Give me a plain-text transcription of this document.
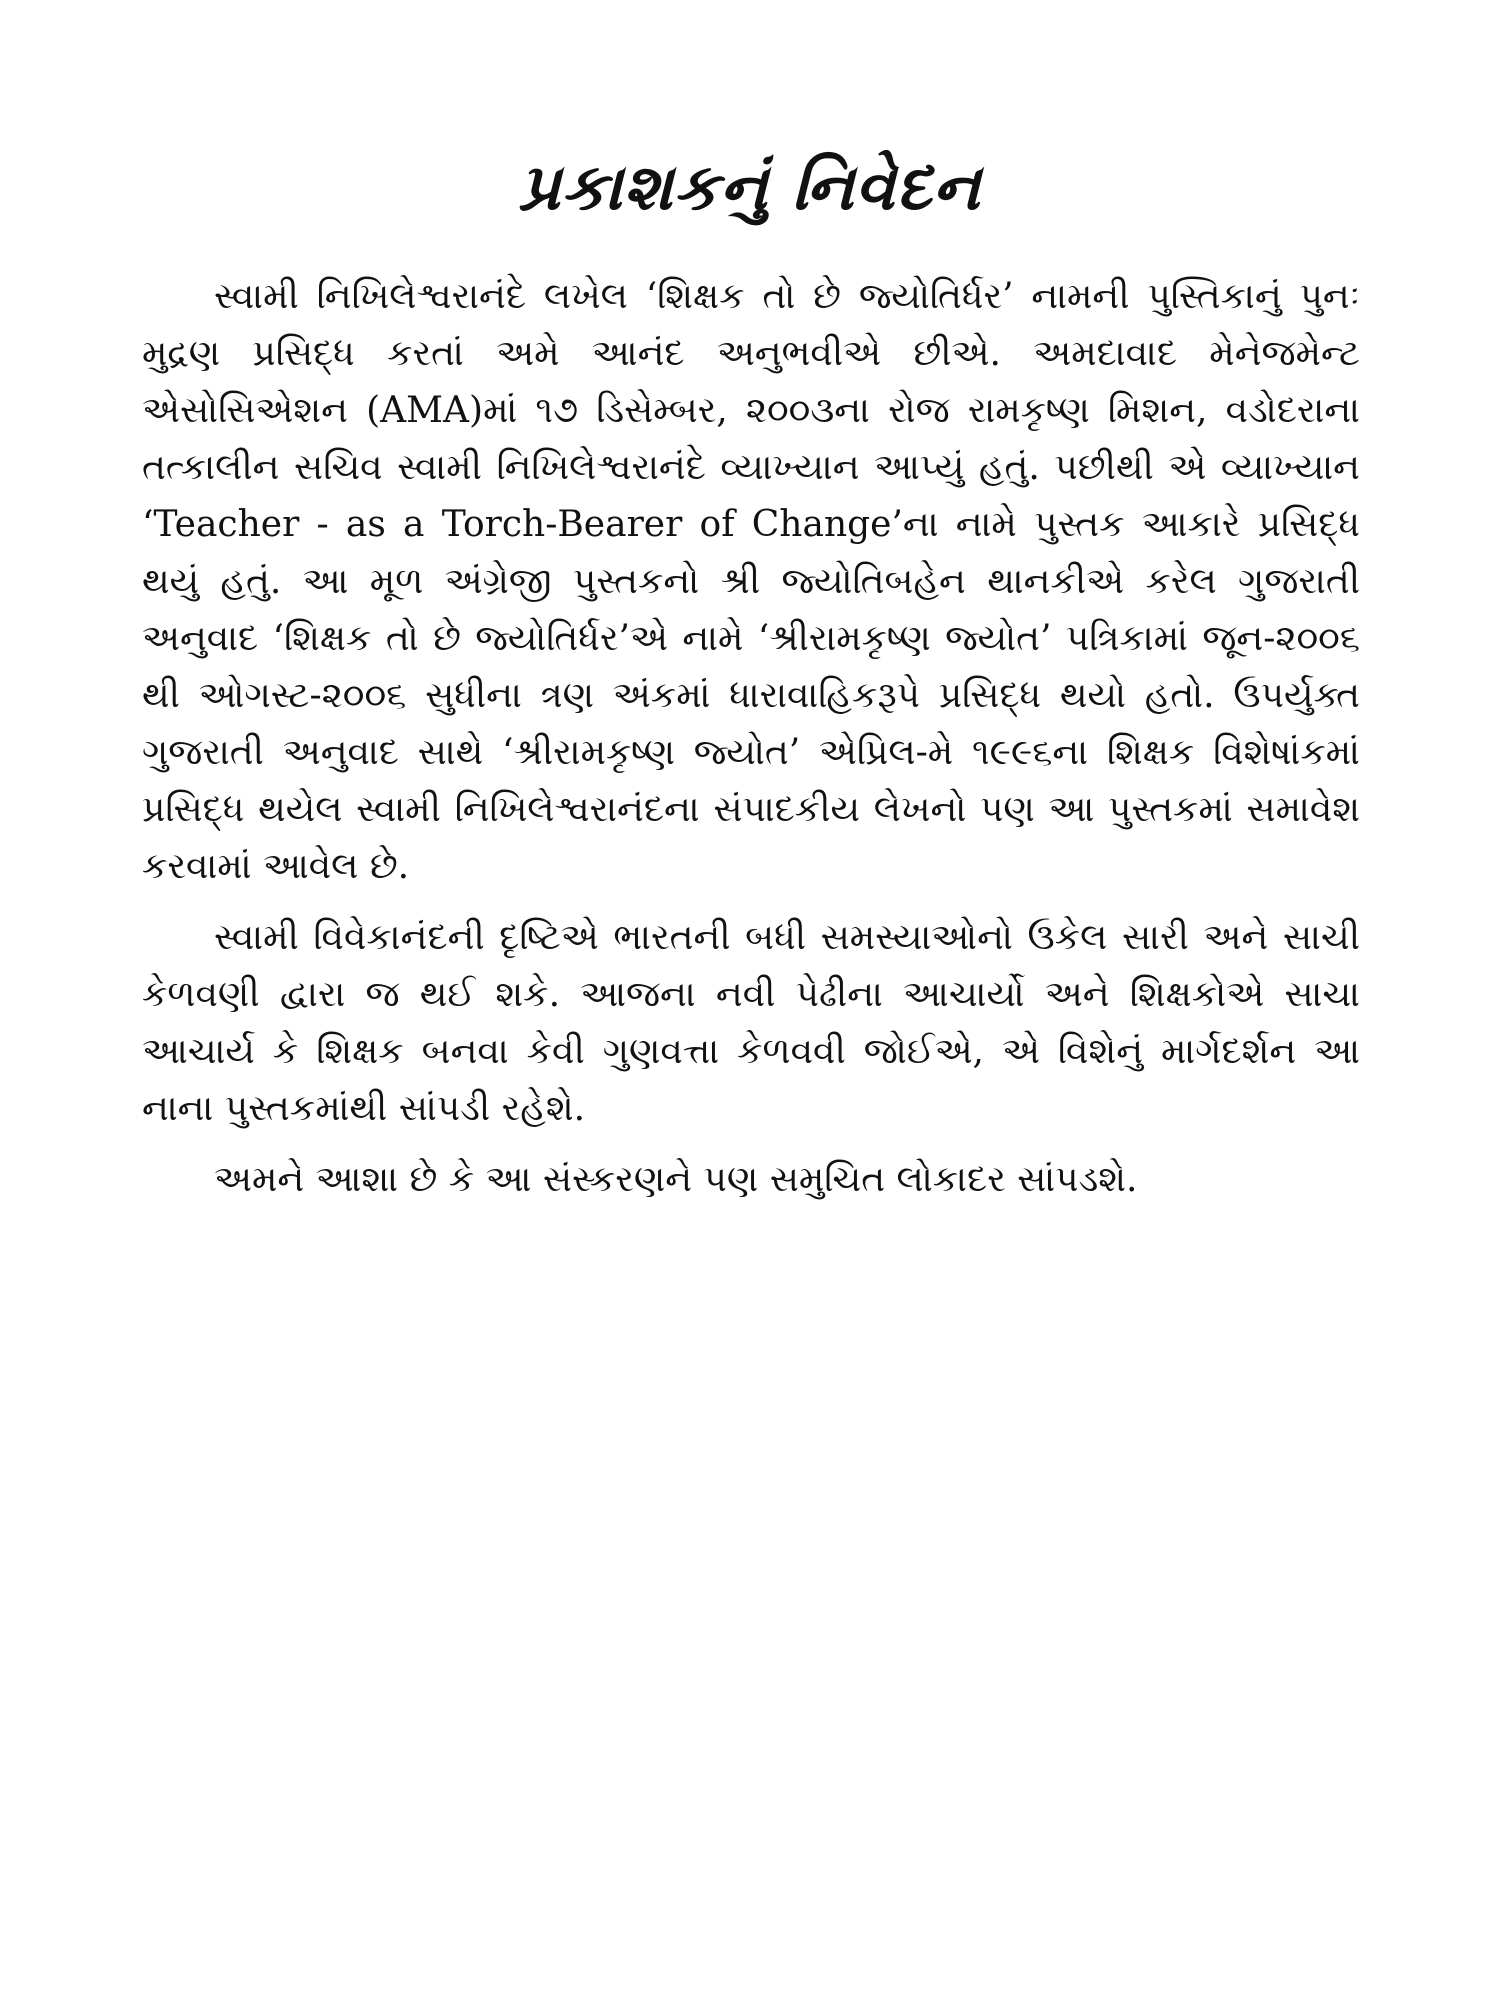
પ્રકાશકનું નિવેદન

સ્વામી નિખિલેશ્વરાનંદે લખેલ ‘શિક્ષક તો છે જ્યોતિર્ધર’ નામની પુસ્તિકાનું પુનઃ મુદ્રણ પ્રસિદ્ધ કરતાં અમે આનંદ અનુભવીએ છીએ. અમદાવાદ મેનેજમેન્ટ એસોસિએશન (AMA)માં ૧૭ ડિસેમ્બર, ૨૦૦૩ના રોજ રામકૃષ્ણ મિશન, વડોદરાના તત્કાલીન સચિવ સ્વામી નિખિલેશ્વરાનંદે વ્યાખ્યાન આપ્યું હતું. પછીથી એ વ્યાખ્યાન ‘Teacher - as a Torch-Bearer of Change’ના નામે પુસ્તક આકારે પ્રસિદ્ધ થયું હતું. આ મૂળ અંગ્રેજી પુસ્તકનો શ્રી જ્યોતિબહેન થાનકીએ કરેલ ગુજરાતી અનુવાદ ‘શિક્ષક તો છે જ્યોતિર્ધર’એ નામે ‘શ્રીરામકૃષ્ણ જ્યોત’ પત્રિકામાં જૂન-૨૦૦૬ થી ઓગસ્ટ-૨૦૦૬ સુધીના ત્રણ અંકમાં ધારાવાહિકરૂપે પ્રસિદ્ધ થયો હતો. ઉપર્યુક્ત ગુજરાતી અનુવાદ સાથે ‘શ્રીરામકૃષ્ણ જ્યોત’ એપ્રિલ-મે ૧૯૯૬ના શિક્ષક વિશેષાંકમાં પ્રસિદ્ધ થયેલ સ્વામી નિખિલેશ્વરાનંદના સંપાદકીય લેખનો પણ આ પુસ્તકમાં સમાવેશ કરવામાં આવેલ છે.

સ્વામી વિવેકાનંદની દૃષ્ટિએ ભારતની બધી સમસ્યાઓનો ઉકેલ સારી અને સાચી કેળવણી દ્વારા જ થઈ શકે. આજના નવી પેઢીના આચાર્યો અને શિક્ષકોએ સાચા આચાર્ય કે શિક્ષક બનવા કેવી ગુણવત્તા કેળવવી જોઈએ, એ વિશેનું માર્ગદર્શન આ નાના પુસ્તકમાંથી સાંપડી રહેશે.

અમને આશા છે કે આ સંસ્કરણને પણ સમુચિત લોકાદર સાંપડશે.
